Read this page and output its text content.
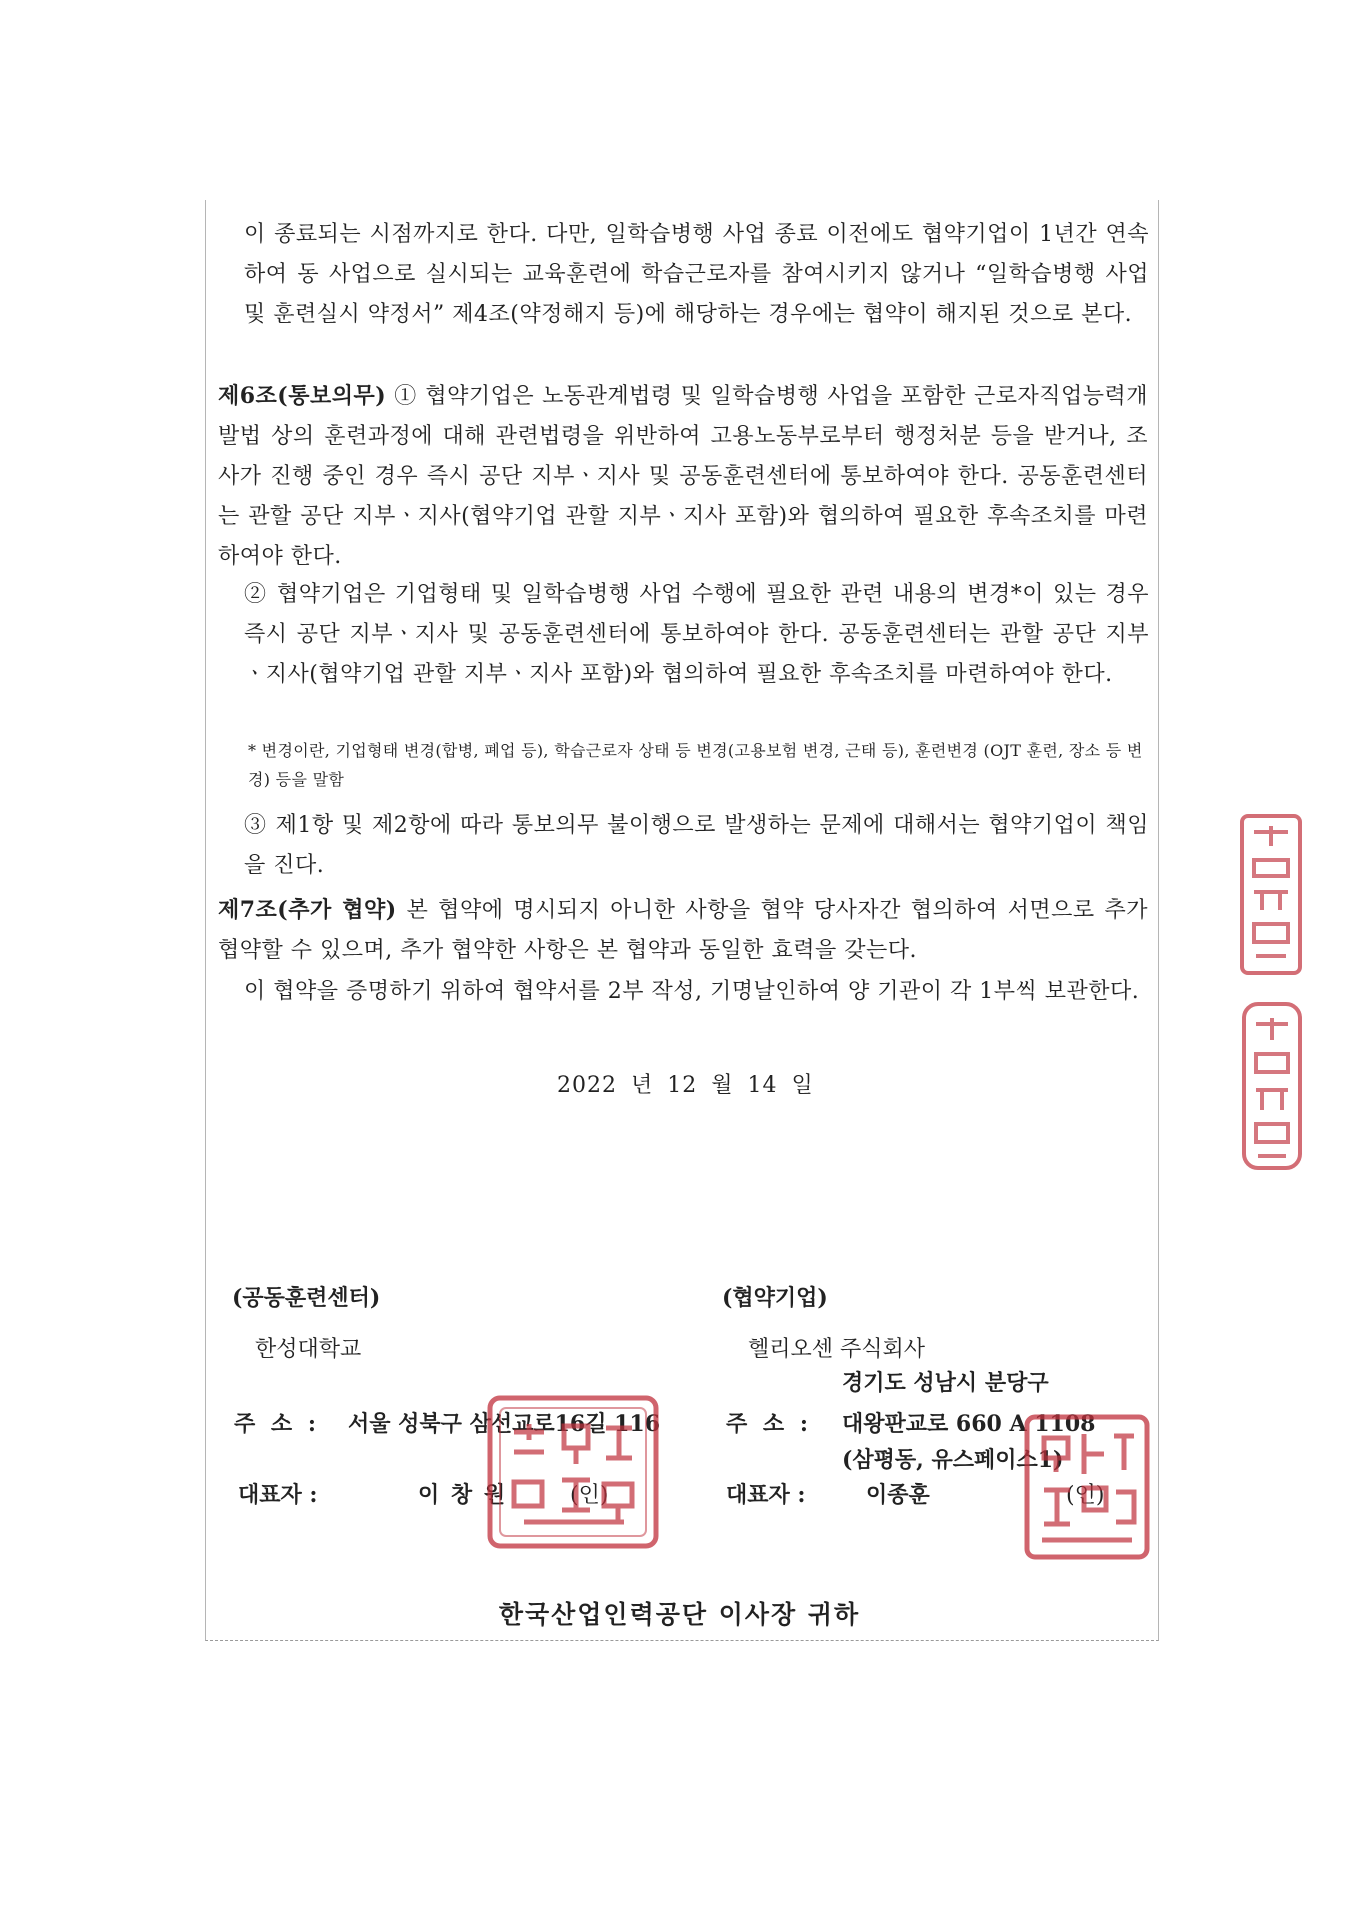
이 종료되는 시점까지로 한다. 다만, 일학습병행 사업 종료 이전에도 협약기업이 1년간 연속하여 동 사업으로 실시되는 교육훈련에 학습근로자를 참여시키지 않거나 “일학습병행 사업 및 훈련실시 약정서” 제4조(약정해지 등)에 해당하는 경우에는 협약이 해지된 것으로 본다.

제6조(통보의무) ① 협약기업은 노동관계법령 및 일학습병행 사업을 포함한 근로자직업능력개발법 상의 훈련과정에 대해 관련법령을 위반하여 고용노동부로부터 행정처분 등을 받거나, 조사가 진행 중인 경우 즉시 공단 지부ㆍ지사 및 공동훈련센터에 통보하여야 한다. 공동훈련센터는 관할 공단 지부ㆍ지사(협약기업 관할 지부ㆍ지사 포함)와 협의하여 필요한 후속조치를 마련하여야 한다.

② 협약기업은 기업형태 및 일학습병행 사업 수행에 필요한 관련 내용의 변경*이 있는 경우 즉시 공단 지부ㆍ지사 및 공동훈련센터에 통보하여야 한다. 공동훈련센터는 관할 공단 지부ㆍ지사(협약기업 관할 지부ㆍ지사 포함)와 협의하여 필요한 후속조치를 마련하여야 한다.

* 변경이란, 기업형태 변경(합병, 폐업 등), 학습근로자 상태 등 변경(고용보험 변경, 근태 등), 훈련변경 (OJT 훈련, 장소 등 변경) 등을 말함

③ 제1항 및 제2항에 따라 통보의무 불이행으로 발생하는 문제에 대해서는 협약기업이 책임을 진다.

제7조(추가 협약) 본 협약에 명시되지 아니한 사항을 협약 당사자간 협의하여 서면으로 추가 협약할 수 있으며, 추가 협약한 사항은 본 협약과 동일한 효력을 갖는다.

이 협약을 증명하기 위하여 협약서를 2부 작성, 기명날인하여 양 기관이 각 1부씩 보관한다.

2022 년 12 월 14 일
(공동훈련센터)
한성대학교
주 소 : 서울 성북구 삼선교로16길 116
대표자 :	이 창 원	(인)
(협약기업)
헬리오센 주식회사
경기도 성남시 분당구
주 소 : 대왕판교로 660 A 1108
(삼평동, 유스페이스1)
대표자 :	이종훈	(인)
한국산업인력공단 이사장 귀하
